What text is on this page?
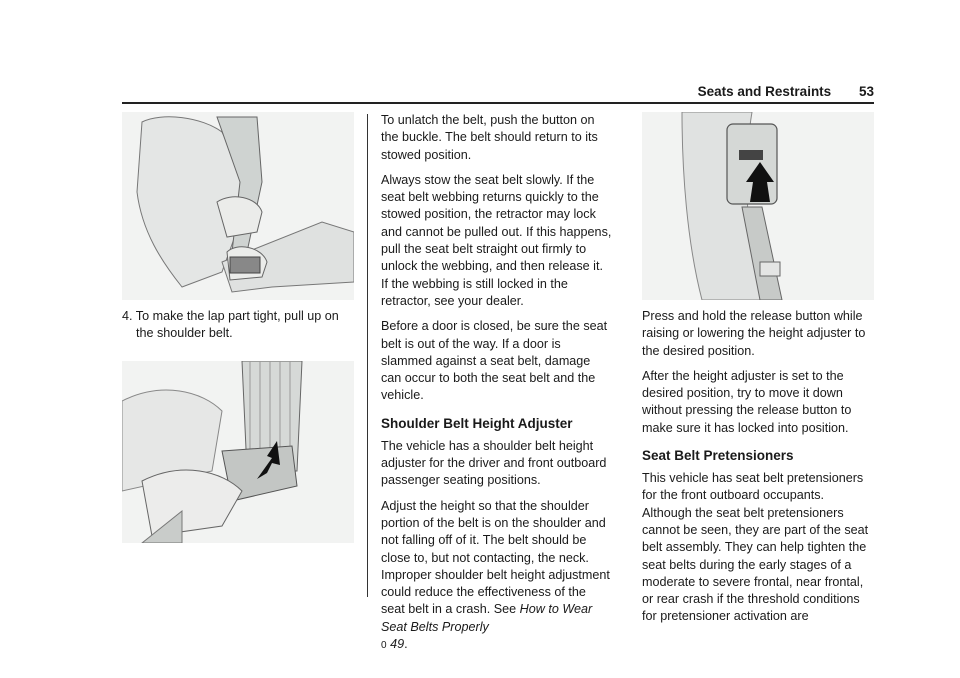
Seats and Restraints 53

4. To make the lap part tight, pull up on the shoulder belt.

To unlatch the belt, push the button on the buckle. The belt should return to its stowed position.

Always stow the seat belt slowly. If the seat belt webbing returns quickly to the stowed position, the retractor may lock and cannot be pulled out. If this happens, pull the seat belt straight out firmly to unlock the webbing, and then release it. If the webbing is still locked in the retractor, see your dealer.

Before a door is closed, be sure the seat belt is out of the way. If a door is slammed against a seat belt, damage can occur to both the seat belt and the vehicle.

Shoulder Belt Height Adjuster

The vehicle has a shoulder belt height adjuster for the driver and front outboard passenger seating positions.

Adjust the height so that the shoulder portion of the belt is on the shoulder and not falling off of it. The belt should be close to, but not contacting, the neck. Improper shoulder belt height adjustment could reduce the effectiveness of the seat belt in a crash. See How to Wear Seat Belts Properly
0 49.

Press and hold the release button while raising or lowering the height adjuster to the desired position.

After the height adjuster is set to the desired position, try to move it down without pressing the release button to make sure it has locked into position.

Seat Belt Pretensioners

This vehicle has seat belt pretensioners for the front outboard occupants. Although the seat belt pretensioners cannot be seen, they are part of the seat belt assembly. They can help tighten the seat belts during the early stages of a moderate to severe frontal, near frontal, or rear crash if the threshold conditions for pretensioner activation are
